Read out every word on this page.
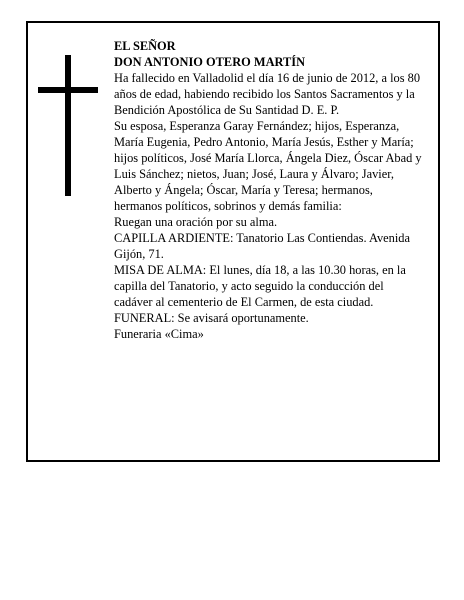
EL SEÑOR

DON ANTONIO OTERO MARTÍN

Ha fallecido en Valladolid el día 16 de junio de 2012, a los 80 años de edad, habiendo recibido los Santos Sacramentos y la Bendición Apostólica de Su Santidad D. E. P.

Su esposa, Esperanza Garay Fernández; hijos, Esperanza, María Eugenia, Pedro Antonio, María Jesús, Esther y María; hijos políticos, José María Llorca, Ángela Diez, Óscar Abad y Luis Sánchez; nietos, Juan; José, Laura y Álvaro; Javier, Alberto y Ángela; Óscar, María y Teresa; hermanos, hermanos políticos, sobrinos y demás familia:

Ruegan una oración por su alma.

CAPILLA ARDIENTE: Tanatorio Las Contiendas. Avenida Gijón, 71.

MISA DE ALMA: El lunes, día 18, a las 10.30 horas, en la capilla del Tanatorio, y acto seguido la conducción del cadáver al cementerio de El Carmen, de esta ciudad.

FUNERAL: Se avisará oportunamente.

Funeraria «Cima»
